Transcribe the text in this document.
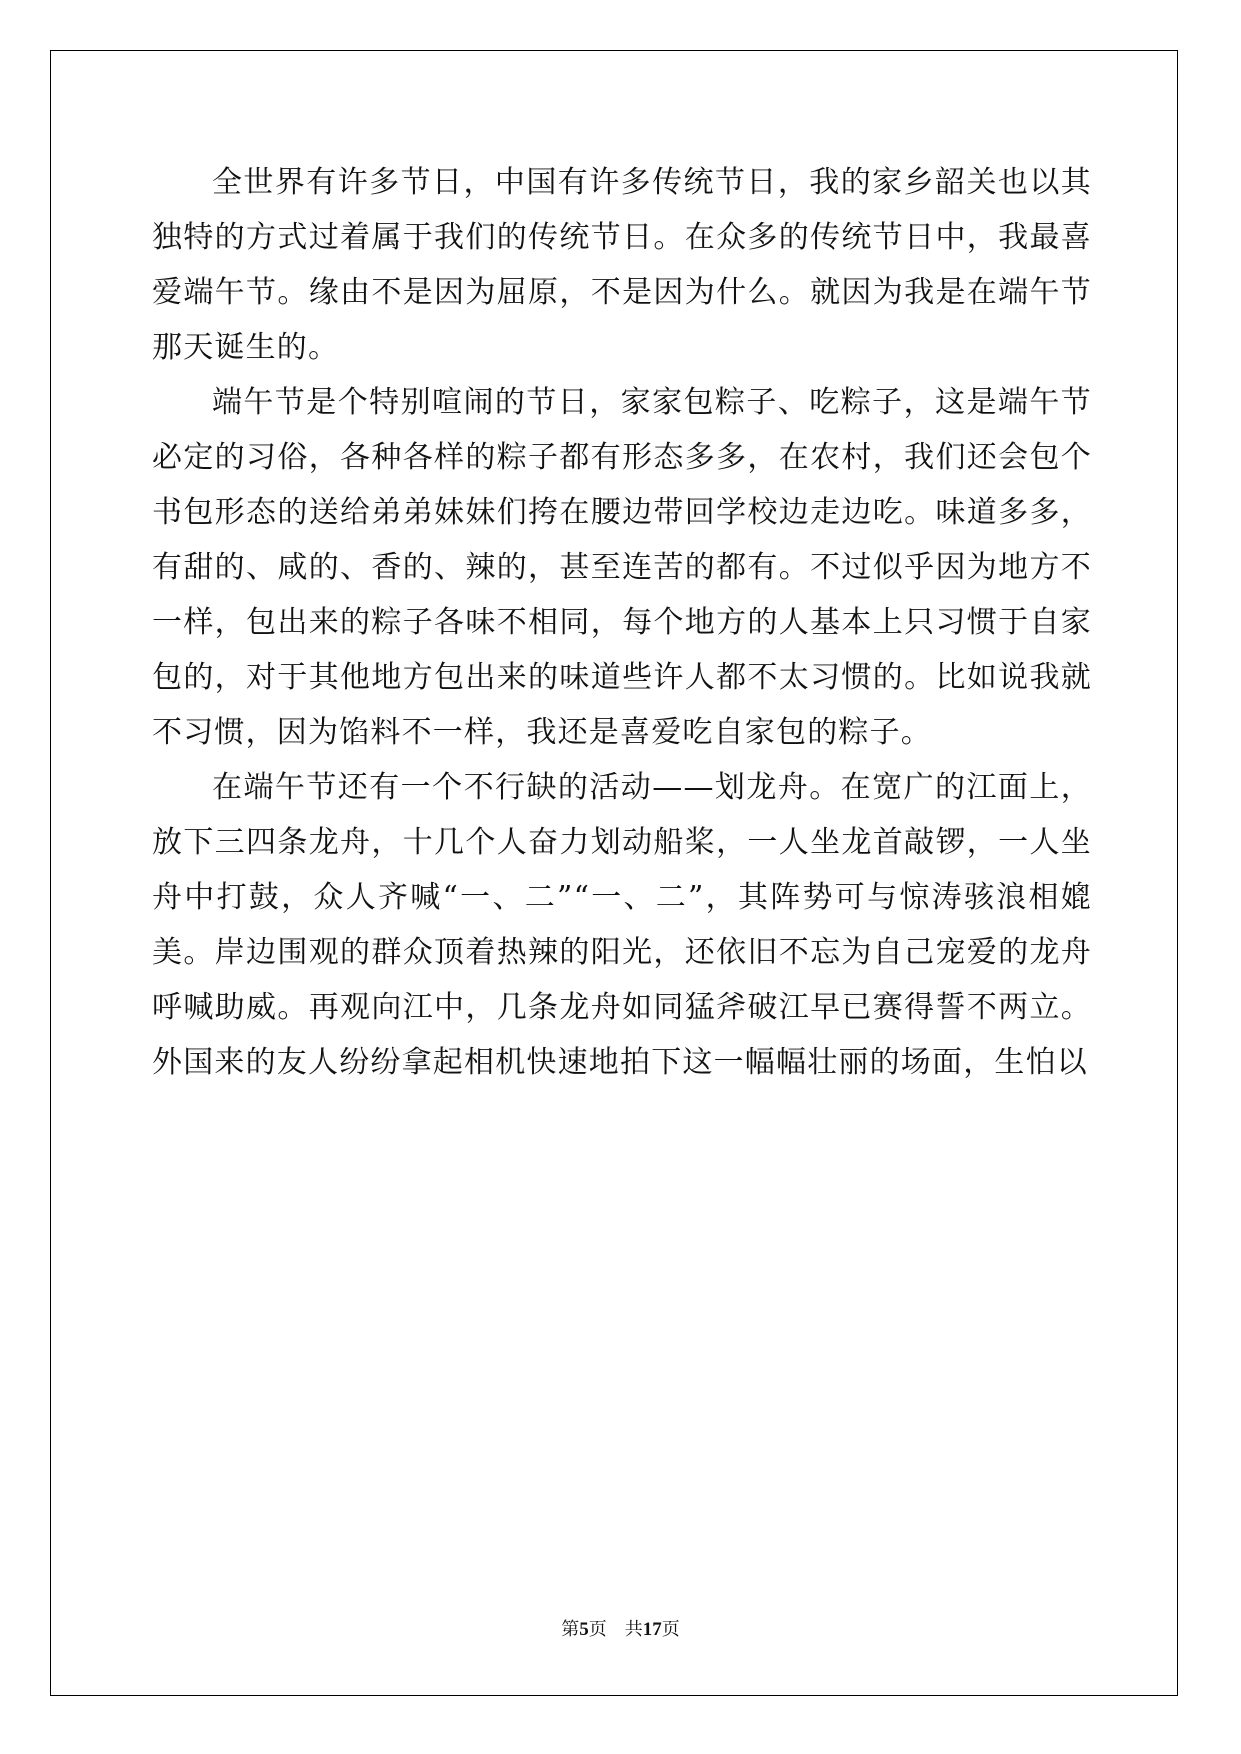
全世界有许多节日，中国有许多传统节日，我的家乡韶关也以其独特的方式过着属于我们的传统节日。在众多的传统节日中，我最喜爱端午节。缘由不是因为屈原，不是因为什么。就因为我是在端午节那天诞生的。

端午节是个特别喧闹的节日，家家包粽子、吃粽子，这是端午节必定的习俗，各种各样的粽子都有形态多多，在农村，我们还会包个书包形态的送给弟弟妹妹们挎在腰边带回学校边走边吃。味道多多，有甜的、咸的、香的、辣的，甚至连苦的都有。不过似乎因为地方不一样，包出来的粽子各味不相同，每个地方的人基本上只习惯于自家包的，对于其他地方包出来的味道些许人都不太习惯的。比如说我就不习惯，因为馅料不一样，我还是喜爱吃自家包的粽子。

在端午节还有一个不行缺的活动——划龙舟。在宽广的江面上，放下三四条龙舟，十几个人奋力划动船桨，一人坐龙首敲锣，一人坐舟中打鼓，众人齐喊“一、二”“一、二”，其阵势可与惊涛骇浪相媲美。岸边围观的群众顶着热辣的阳光，还依旧不忘为自己宠爱的龙舟呼喊助威。再观向江中，几条龙舟如同猛斧破江早已赛得誓不两立。外国来的友人纷纷拿起相机快速地拍下这一幅幅壮丽的场面，生怕以

第5页 共17页
